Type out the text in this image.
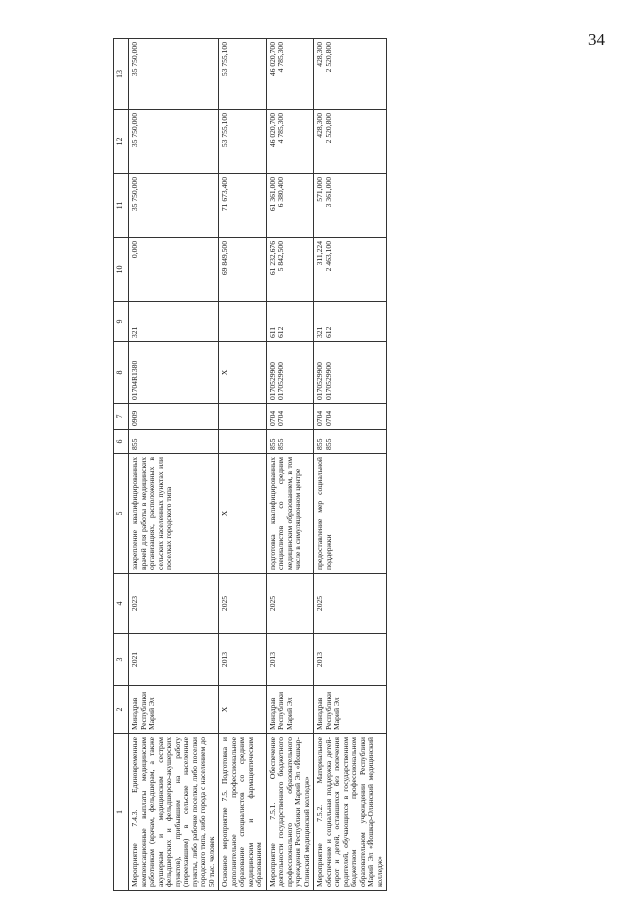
34
1	2	3	4	5	6	7	8	9	10	11	12	13
Мероприятие 7.4.3. Единовременные компенсационные выплаты медицинским работникам (врачам, фельдшерам, а также акушеркам и медицинским сестрам фельдшерских и фельдшерско-акушерских пунктов), прибывшим на работу (переехавшим) в сельские населенные пункты, либо рабочие поселки, либо поселки городского типа, либо города с населением до 50 тыс. человек	Минздрав Республики Марий Эл	2021	2023	закрепление квалифицированных врачей для работы в медицинских организациях, расположенных в сельских населенных пунктах или поселках городского типа	855	0909	01704R1380	321	0,000	35 750,000	35 750,000	35 750,000

Основное мероприятие 7.5. Подготовка и дополнительное профессиональное образование специалистов со средним медицинским и фармацевтическим образованием	X	2013	2025	X			X		69 849,500	71 673,400	53 755,100	53 755,100

Мероприятие 7.5.1. Обеспечение деятельности государственного бюджетного профессионального образовательного учреждения Республики Марий Эл «Йошкар-Олинский медицинский колледж»	Минздрав Республики Марий Эл	2013	2025	подготовка квалифицированных специалистов со средним медицинским образованием, в том числе в симуляционном центре	855 855	0704 0704	0170529900 0170529900	611 612	61 232,676 5 842,500	61 361,000 6 380,400	46 020,700 4 785,300	46 020,700 4 785,300

Мероприятие 7.5.2. Материальное обеспечение и социальная поддержка детей-сирот и детей, оставшихся без попечения родителей, обучающихся в государственном бюджетном профессиональном образовательном учреждении Республики Марий Эл «Йошкар-Олинский медицинский колледж»	Минздрав Республики Марий Эл	2013	2025	предоставление мер социальной поддержки	855 855	0704 0704	0170529900 0170529900	321 612	311,224 2 463,100	571,000 3 361,000	428,300 2 520,800	428,300 2 520,800
